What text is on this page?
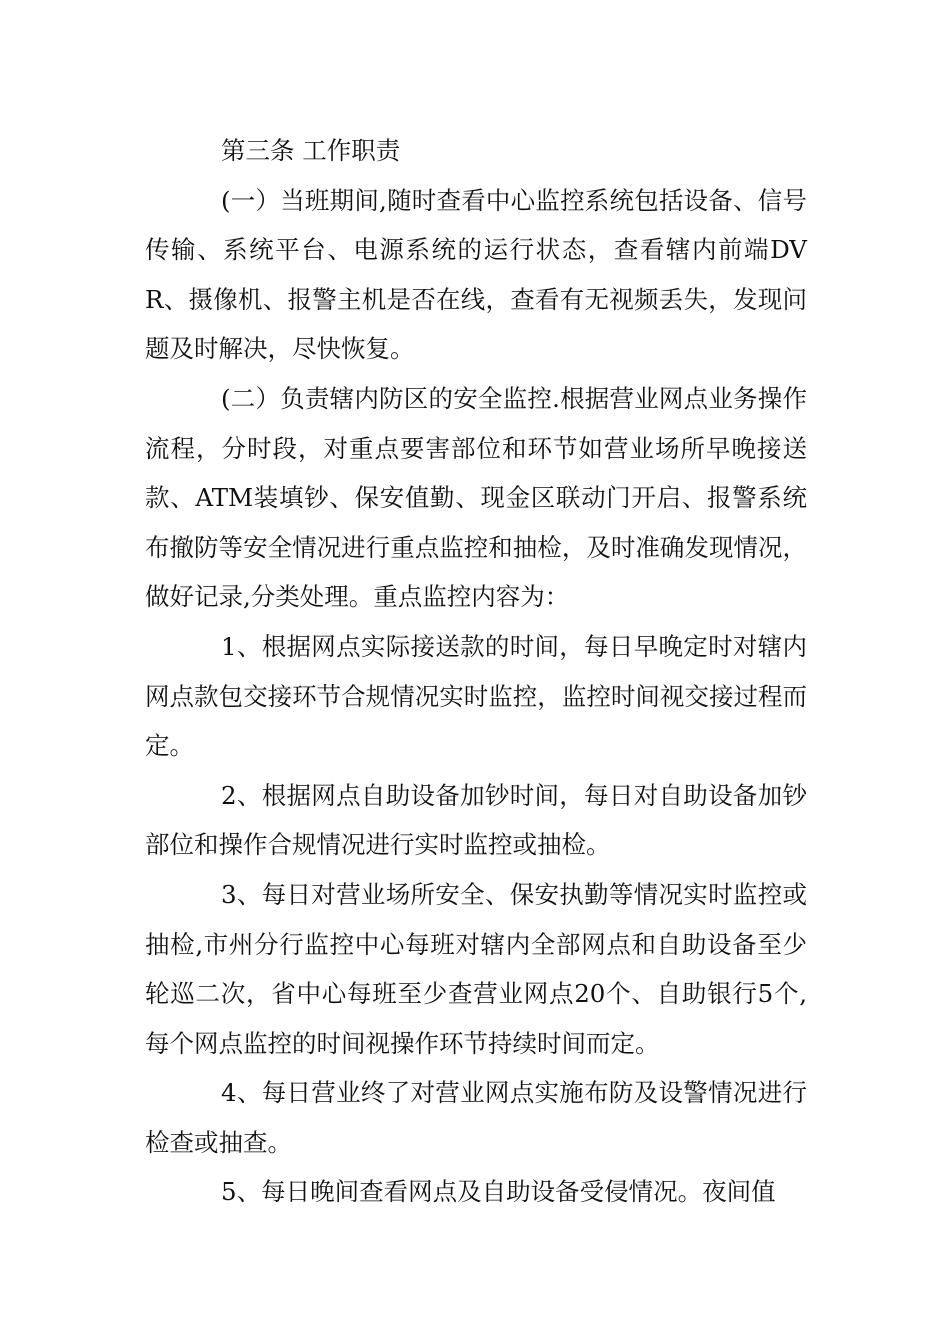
第三条 工作职责

(一）当班期间,随时查看中心监控系统包括设备、信号传输、系统平台、电源系统的运行状态，查看辖内前端DVR、摄像机、报警主机是否在线，查看有无视频丢失，发现问题及时解决，尽快恢复。

(二）负责辖内防区的安全监控.根据营业网点业务操作流程，分时段，对重点要害部位和环节如营业场所早晚接送款、ATM装填钞、保安值勤、现金区联动门开启、报警系统布撤防等安全情况进行重点监控和抽检，及时准确发现情况，做好记录,分类处理。重点监控内容为：

1、根据网点实际接送款的时间，每日早晚定时对辖内网点款包交接环节合规情况实时监控，监控时间视交接过程而定。

2、根据网点自助设备加钞时间，每日对自助设备加钞部位和操作合规情况进行实时监控或抽检。

3、每日对营业场所安全、保安执勤等情况实时监控或抽检,市州分行监控中心每班对辖内全部网点和自助设备至少轮巡二次，省中心每班至少查营业网点20个、自助银行5个,每个网点监控的时间视操作环节持续时间而定。

4、每日营业终了对营业网点实施布防及设警情况进行检查或抽查。

5、每日晚间查看网点及自助设备受侵情况。夜间值
